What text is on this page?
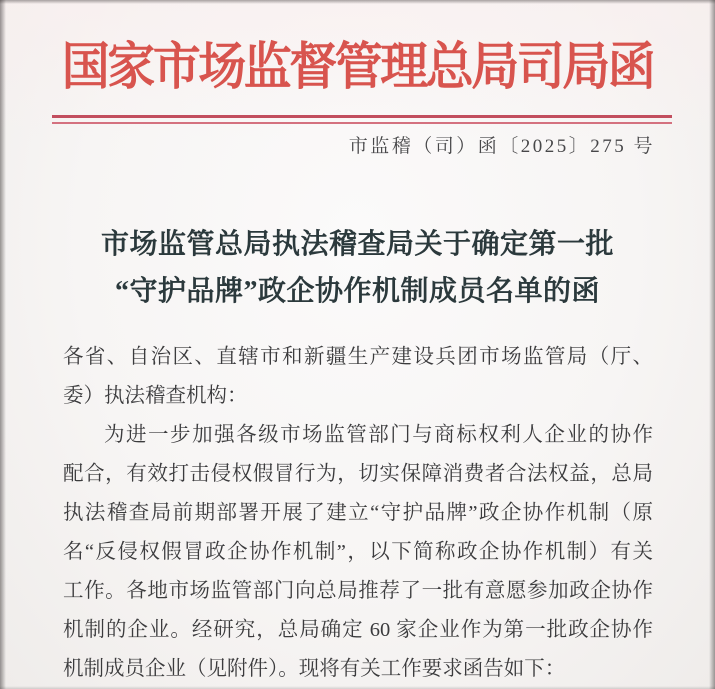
国家市场监督管理总局司局函
市监稽（司）函〔2025〕275 号
市场监管总局执法稽查局关于确定第一批
“守护品牌”政企协作机制成员名单的函
各省、自治区、直辖市和新疆生产建设兵团市场监管局（厅、
委）执法稽查机构：
为进一步加强各级市场监管部门与商标权利人企业的协作
配合，有效打击侵权假冒行为，切实保障消费者合法权益，总局
执法稽查局前期部署开展了建立“守护品牌”政企协作机制（原
名“反侵权假冒政企协作机制”，以下简称政企协作机制）有关
工作。各地市场监管部门向总局推荐了一批有意愿参加政企协作
机制的企业。经研究，总局确定 60 家企业作为第一批政企协作
机制成员企业（见附件）。现将有关工作要求函告如下：
